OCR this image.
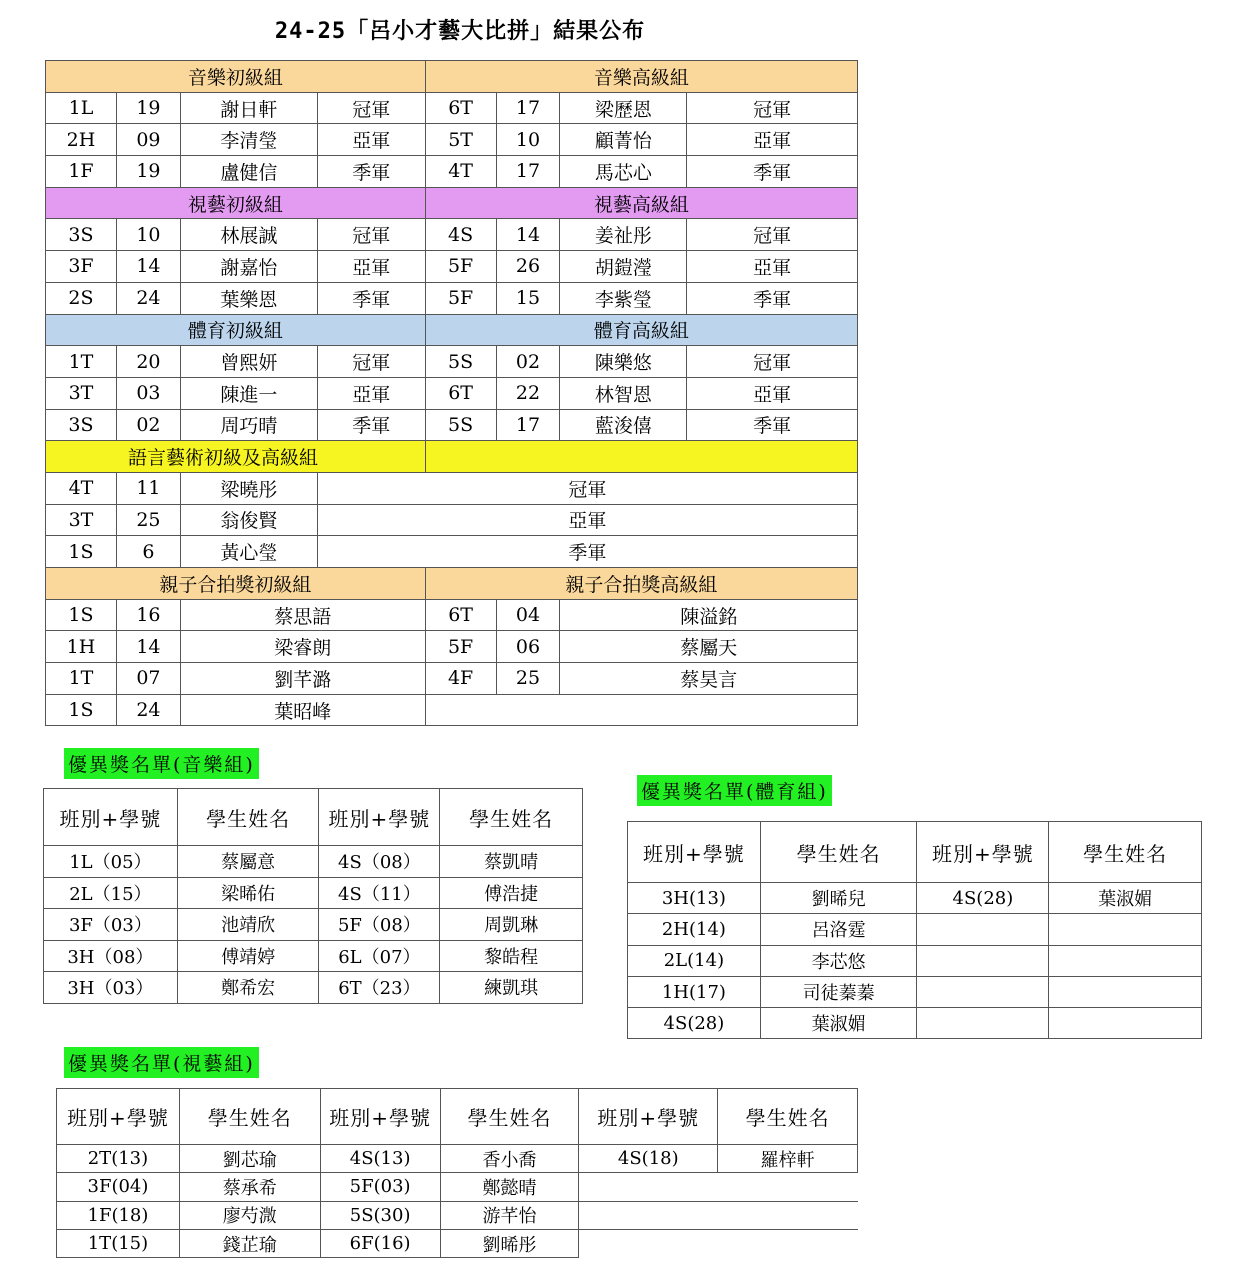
24-25「呂小才藝大比拼」結果公布
音樂初級組				音樂高級組			
1L	19	謝日軒	冠軍	6T	17	梁歷恩	冠軍
2H	09	李清瑩	亞軍	5T	10	顧菁怡	亞軍
1F	19	盧健信	季軍	4T	17	馬芯心	季軍
視藝初級組				視藝高級組			
3S	10	林展誠	冠軍	4S	14	姜祉彤	冠軍
3F	14	謝嘉怡	亞軍	5F	26	胡鎧瀅	亞軍
2S	24	葉樂恩	季軍	5F	15	李紫瑩	季軍
體育初級組				體育高級組			
1T	20	曾熙妍	冠軍	5S	02	陳樂悠	冠軍
3T	03	陳進一	亞軍	6T	22	林智恩	亞軍
3S	02	周巧晴	季軍	5S	17	藍浚僖	季軍
語言藝術初級及高級組							
4T	11	梁曉彤	冠軍				
3T	25	翁俊賢	亞軍				
1S	6	黃心瑩	季軍				
親子合拍獎初級組				親子合拍獎高級組			
1S	16	蔡思語		6T	04	陳溢銘	
1H	14	梁睿朗		5F	06	蔡屬天	
1T	07	劉芊潞		4F	25	蔡昊言	
1S	24	葉昭峰					
優異獎名單(音樂組)
班別+學號	學生姓名	班別+學號	學生姓名
1L（05）	蔡屬意	4S（08）	蔡凱晴
2L（15）	梁晞佑	4S（11）	傅浩捷
3F（03）	池靖欣	5F（08）	周凱琳
3H（08）	傅靖婷	6L（07）	黎皓程
3H（03）	鄭希宏	6T（23）	練凱琪
優異獎名單(體育組)
班別+學號	學生姓名	班別+學號	學生姓名
3H(13)	劉晞兒	4S(28)	葉淑媚
2H(14)	呂洛霆		
2L(14)	李芯悠		
1H(17)	司徒蓁蓁		
4S(28)	葉淑媚		
優異獎名單(視藝組)
班別+學號	學生姓名	班別+學號	學生姓名	班別+學號	學生姓名
2T(13)	劉芯瑜	4S(13)	香小喬	4S(18)	羅梓軒
3F(04)	蔡承希	5F(03)	鄭懿晴		
1F(18)	廖芍溦	5S(30)	游芊怡		
1T(15)	錢芷瑜	6F(16)	劉晞彤		
